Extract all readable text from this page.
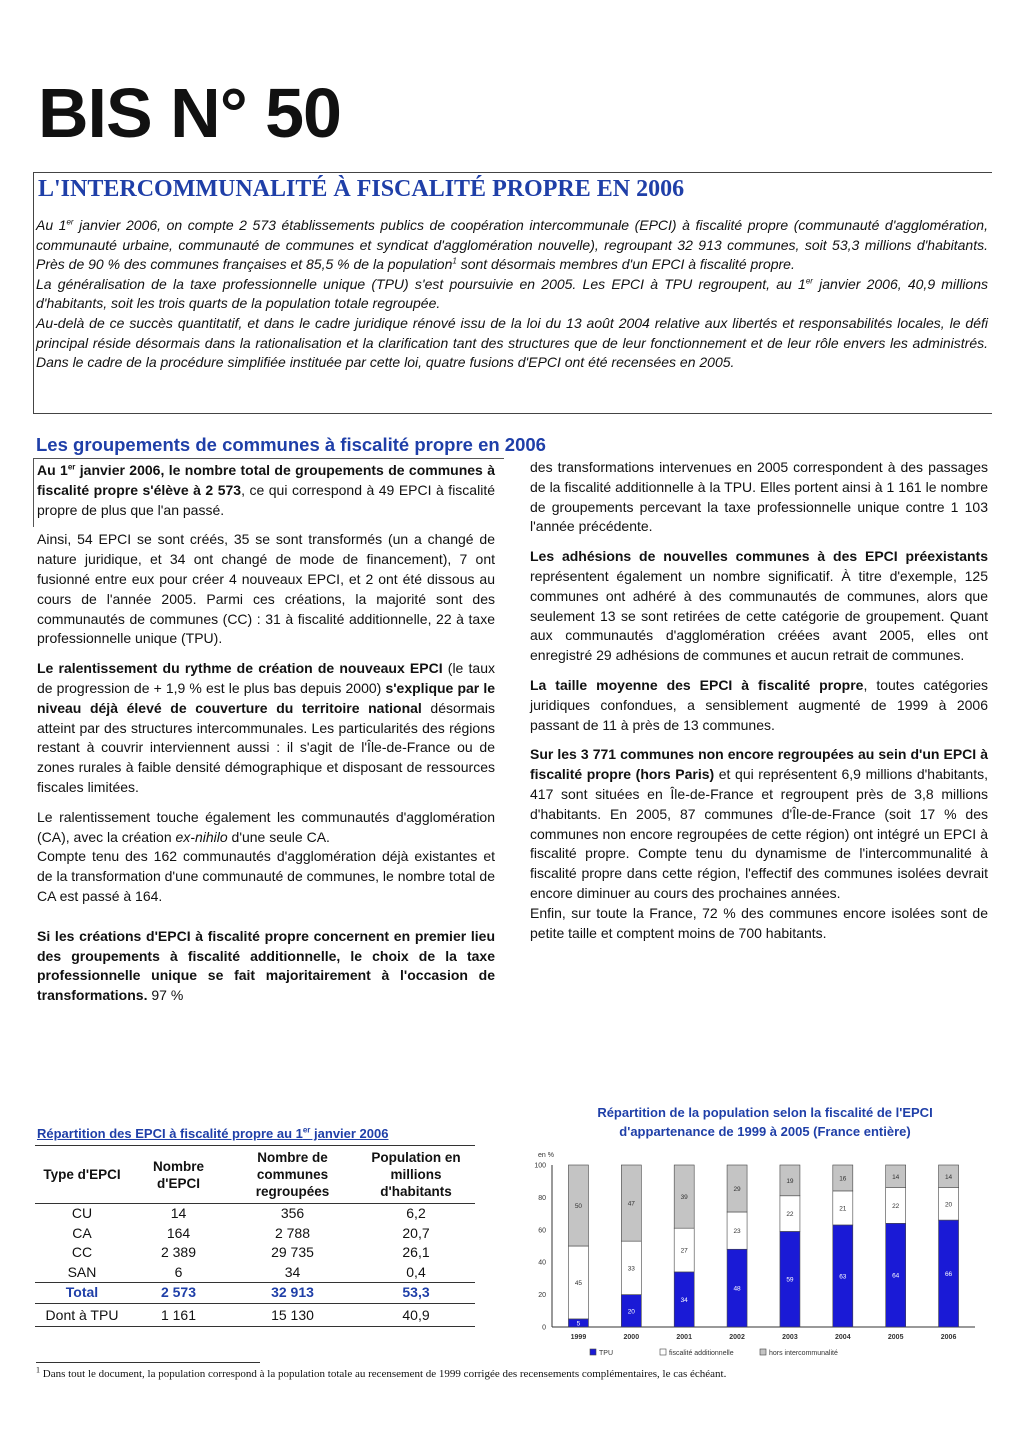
BIS N° 50
L'INTERCOMMUNALITÉ À FISCALITÉ PROPRE EN 2006

Au 1er janvier 2006, on compte 2 573 établissements publics de coopération intercommunale (EPCI) à fiscalité propre (communauté d'agglomération, communauté urbaine, communauté de communes et syndicat d'agglomération nouvelle), regroupant 32 913 communes, soit 53,3 millions d'habitants. Près de 90 % des communes françaises et 85,5 % de la population$^1$ sont désormais membres d'un EPCI à fiscalité propre.

La généralisation de la taxe professionnelle unique (TPU) s'est poursuivie en 2005. Les EPCI à TPU regroupent, au 1er janvier 2006, 40,9 millions d'habitants, soit les trois quarts de la population totale regroupée.

Au-delà de ce succès quantitatif, et dans le cadre juridique rénové issu de la loi du 13 août 2004 relative aux libertés et responsabilités locales, le défi principal réside désormais dans la rationalisation et la clarification tant des structures que de leur fonctionnement et de leur rôle envers les administrés. Dans le cadre de la procédure simplifiée instituée par cette loi, quatre fusions d'EPCI ont été recensées en 2005.

Les groupements de communes à fiscalité propre en 2006

Au 1er janvier 2006, le nombre total de groupements de communes à fiscalité propre s'élève à 2 573, ce qui correspond à 49 EPCI à fiscalité propre de plus que l'an passé.

Ainsi, 54 EPCI se sont créés, 35 se sont transformés (un a changé de nature juridique, et 34 ont changé de mode de financement), 7 ont fusionné entre eux pour créer 4 nouveaux EPCI, et 2 ont été dissous au cours de l'année 2005. Parmi ces créations, la majorité sont des communautés de communes (CC) : 31 à fiscalité additionnelle, 22 à taxe professionnelle unique (TPU).

Le ralentissement du rythme de création de nouveaux EPCI (le taux de progression de + 1,9 % est le plus bas depuis 2000) s'explique par le niveau déjà élevé de couverture du territoire national désormais atteint par des structures intercommunales. Les particularités des régions restant à couvrir interviennent aussi : il s'agit de l'Île-de-France ou de zones rurales à faible densité démographique et disposant de ressources fiscales limitées.

Le ralentissement touche également les communautés d'agglomération (CA), avec la création ex-nihilo d'une seule CA.

Compte tenu des 162 communautés d'agglomération déjà existantes et de la transformation d'une communauté de communes, le nombre total de CA est passé à 164.

Si les créations d'EPCI à fiscalité propre concernent en premier lieu des groupements à fiscalité additionnelle, le choix de la taxe professionnelle unique se fait majoritairement à l'occasion de transformations. 97 %

des transformations intervenues en 2005 correspondent à des passages de la fiscalité additionnelle à la TPU. Elles portent ainsi à 1 161 le nombre de groupements percevant la taxe professionnelle unique contre 1 103 l'année précédente.

Les adhésions de nouvelles communes à des EPCI préexistants représentent également un nombre significatif. À titre d'exemple, 125 communes ont adhéré à des communautés de communes, alors que seulement 13 se sont retirées de cette catégorie de groupement. Quant aux communautés d'agglomération créées avant 2005, elles ont enregistré 29 adhésions de communes et aucun retrait de communes.

La taille moyenne des EPCI à fiscalité propre, toutes catégories juridiques confondues, a sensiblement augmenté de 1999 à 2006 passant de 11 à près de 13 communes.

Sur les 3 771 communes non encore regroupées au sein d'un EPCI à fiscalité propre (hors Paris) et qui représentent 6,9 millions d'habitants, 417 sont situées en Île-de-France et regroupent près de 3,8 millions d'habitants. En 2005, 87 communes d'Île-de-France (soit 17 % des communes non encore regroupées de cette région) ont intégré un EPCI à fiscalité propre. Compte tenu du dynamisme de l'intercommunalité à fiscalité propre dans cette région, l'effectif des communes isolées devrait encore diminuer au cours des prochaines années.

Enfin, sur toute la France, 72 % des communes encore isolées sont de petite taille et comptent moins de 700 habitants.

Répartition des EPCI à fiscalité propre au 1er janvier 2006
Type d'EPCI	Nombre d'EPCI	Nombre de communes regroupées	Population en millions d'habitants
CU	14	356	6,2
CA	164	2 788	20,7
CC	2 389	29 735	26,1
SAN	6	34	0,4
Total	2 573	32 913	53,3
Dont à TPU	1 161	15 130	40,9
Répartition de la population selon la fiscalité de l'EPCI d'appartenance de 1999 à 2005 (France entière)
en %
0
20
40
60
80
100
5
45
50
1999
20
33
47
2000
34
27
39
2001
48
23
29
2002
59
22
19
2003
63
21
16
2004
64
22
14
2005
66
20
14
2006
TPU	fiscalité additionnelle	hors intercommunalité
$^1$ Dans tout le document, la population correspond à la population totale au recensement de 1999 corrigée des recensements complémentaires, le cas échéant.
